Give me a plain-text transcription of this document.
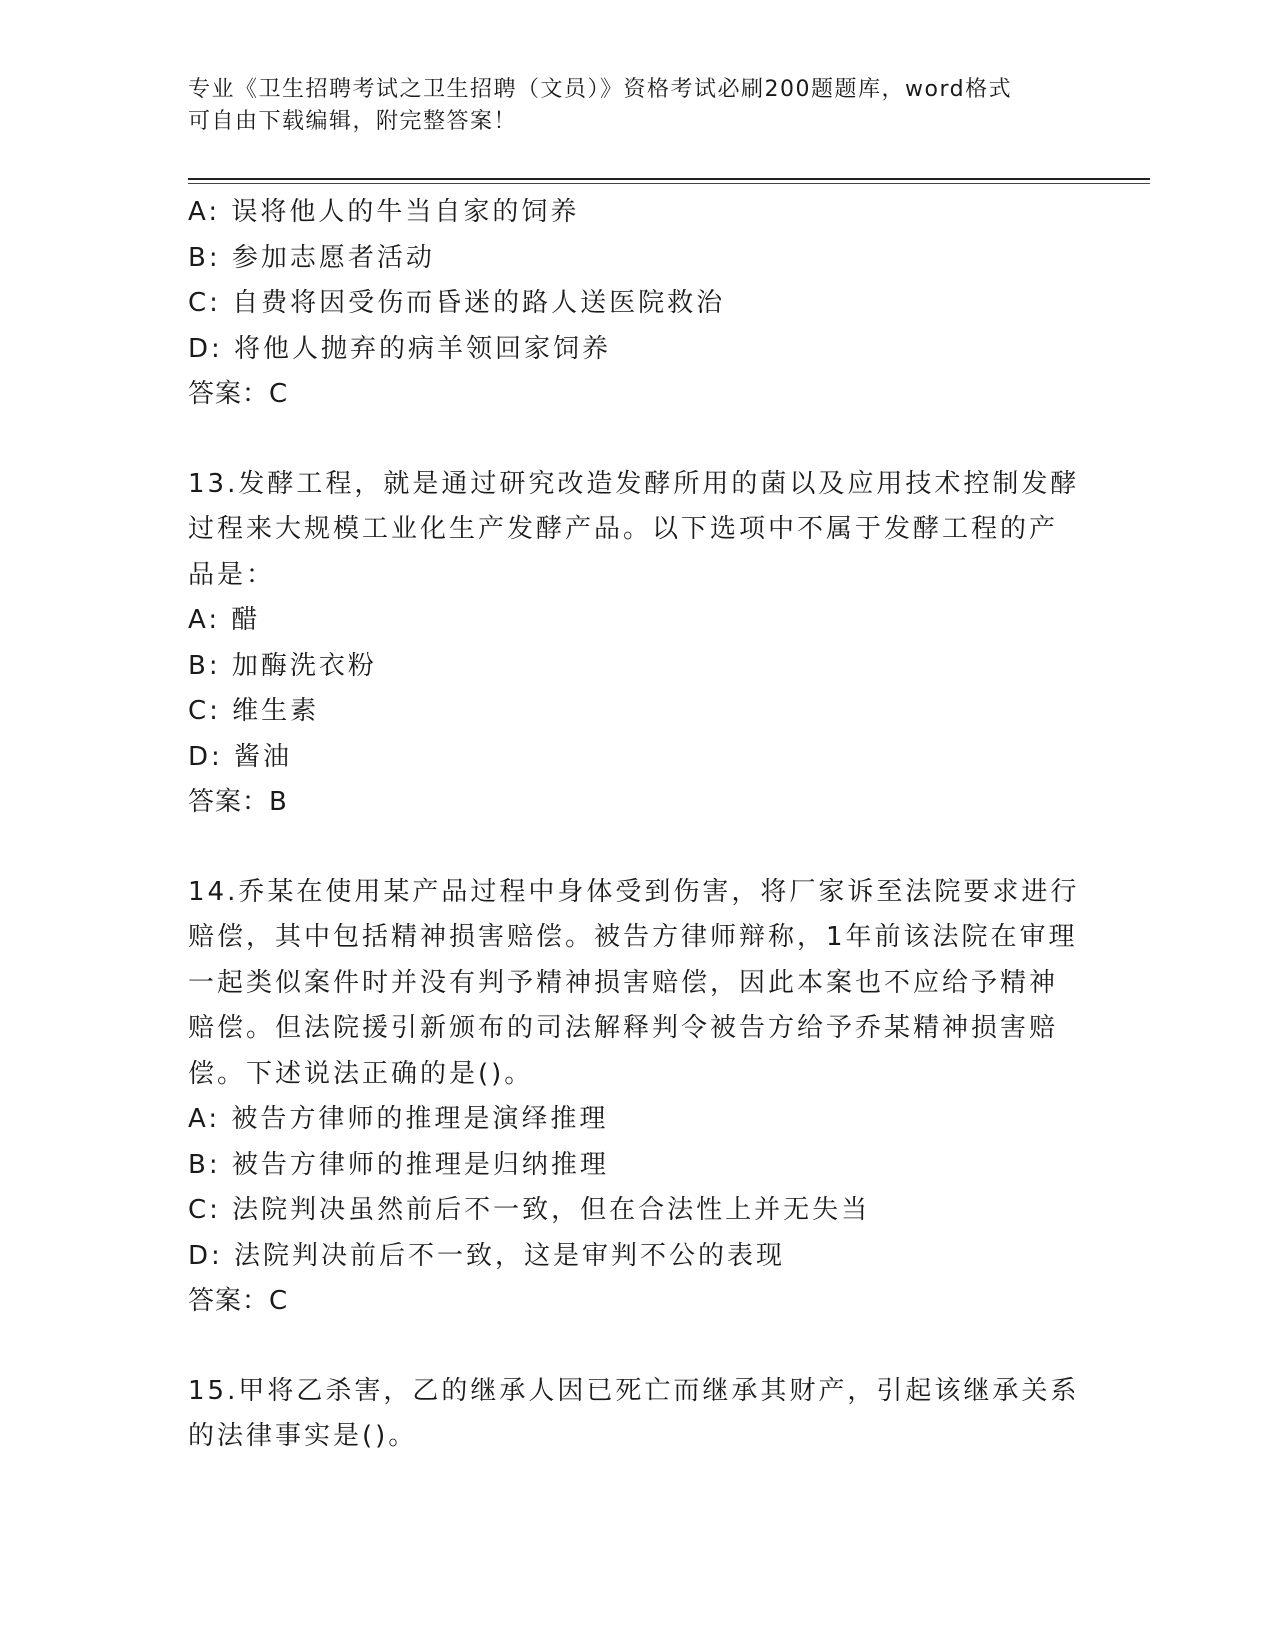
专业《卫生招聘考试之卫生招聘（文员）》资格考试必刷200题题库，word格式
可自由下载编辑，附完整答案！
A: 误将他人的牛当自家的饲养
B: 参加志愿者活动
C: 自费将因受伤而昏迷的路人送医院救治
D: 将他人抛弃的病羊领回家饲养
答案：C
13.发酵工程，就是通过研究改造发酵所用的菌以及应用技术控制发酵
过程来大规模工业化生产发酵产品。以下选项中不属于发酵工程的产
品是：
A: 醋
B: 加酶洗衣粉
C: 维生素
D: 酱油
答案：B
14.乔某在使用某产品过程中身体受到伤害，将厂家诉至法院要求进行
赔偿，其中包括精神损害赔偿。被告方律师辩称，1年前该法院在审理
一起类似案件时并没有判予精神损害赔偿，因此本案也不应给予精神
赔偿。但法院援引新颁布的司法解释判令被告方给予乔某精神损害赔
偿。下述说法正确的是()。
A: 被告方律师的推理是演绎推理
B: 被告方律师的推理是归纳推理
C: 法院判决虽然前后不一致，但在合法性上并无失当
D: 法院判决前后不一致，这是审判不公的表现
答案：C
15.甲将乙杀害，乙的继承人因已死亡而继承其财产，引起该继承关系
的法律事实是()。
